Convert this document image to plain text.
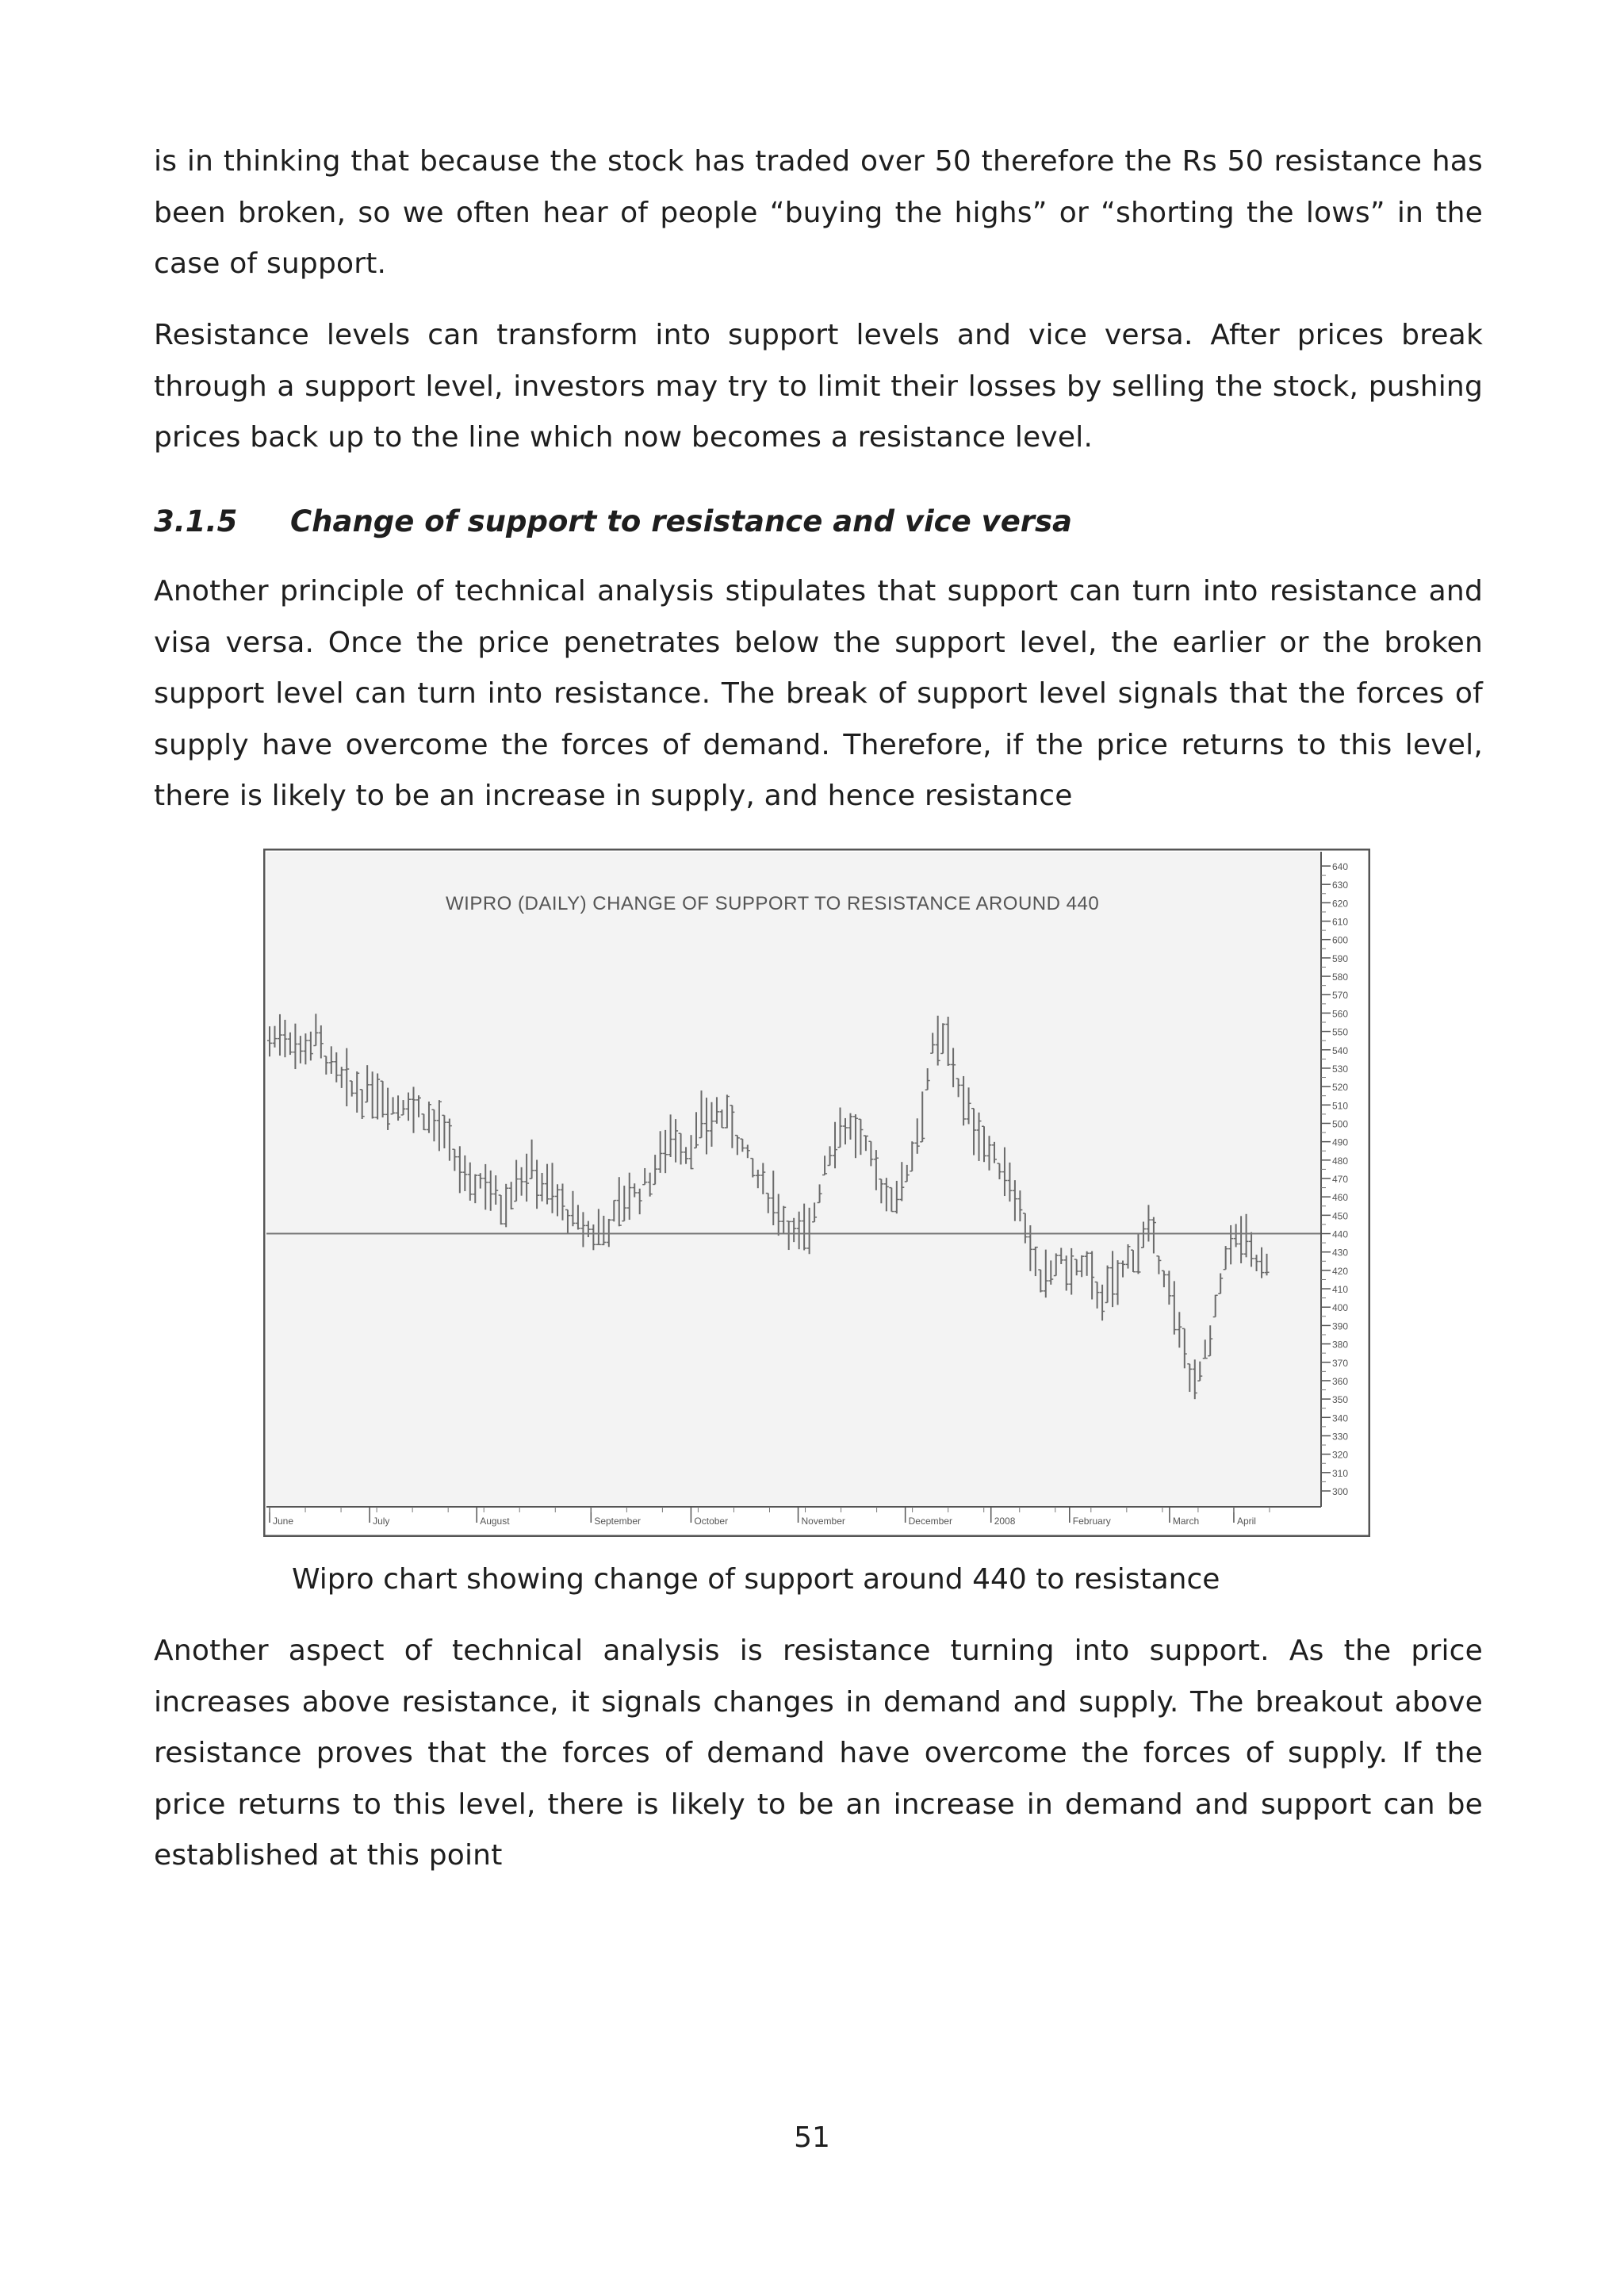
is in thinking that because the stock has traded over 50 therefore the Rs 50 resistance has been broken, so we often hear of people “buying the highs” or “shorting the lows” in the case of support.

Resistance levels can transform into support levels and vice versa. After prices break through a support level, investors may try to limit their losses by selling the stock, pushing prices back up to the line which now becomes a resistance level.

3.1.5 Change of support to resistance and vice versa

Another principle of technical analysis stipulates that support can turn into resistance and visa versa. Once the price penetrates below the support level, the earlier or the broken support level can turn into resistance. The break of support level signals that the forces of supply have overcome the forces of demand. Therefore, if the price returns to this level, there is likely to be an increase in supply, and hence resistance

WIPRO (DAILY) CHANGE OF SUPPORT TO RESISTANCE AROUND 440
300
310
320
330
340
350
360
370
380
390
400
410
420
430
440
450
460
470
480
490
500
510
520
530
540
550
560
570
580
590
600
610
620
630
640
June	July	August	September	October	November	December	2008	February	March	April

Wipro chart showing change of support around 440 to resistance

Another aspect of technical analysis is resistance turning into support. As the price increases above resistance, it signals changes in demand and supply. The breakout above resistance proves that the forces of demand have overcome the forces of supply. If the price returns to this level, there is likely to be an increase in demand and support can be established at this point

51
